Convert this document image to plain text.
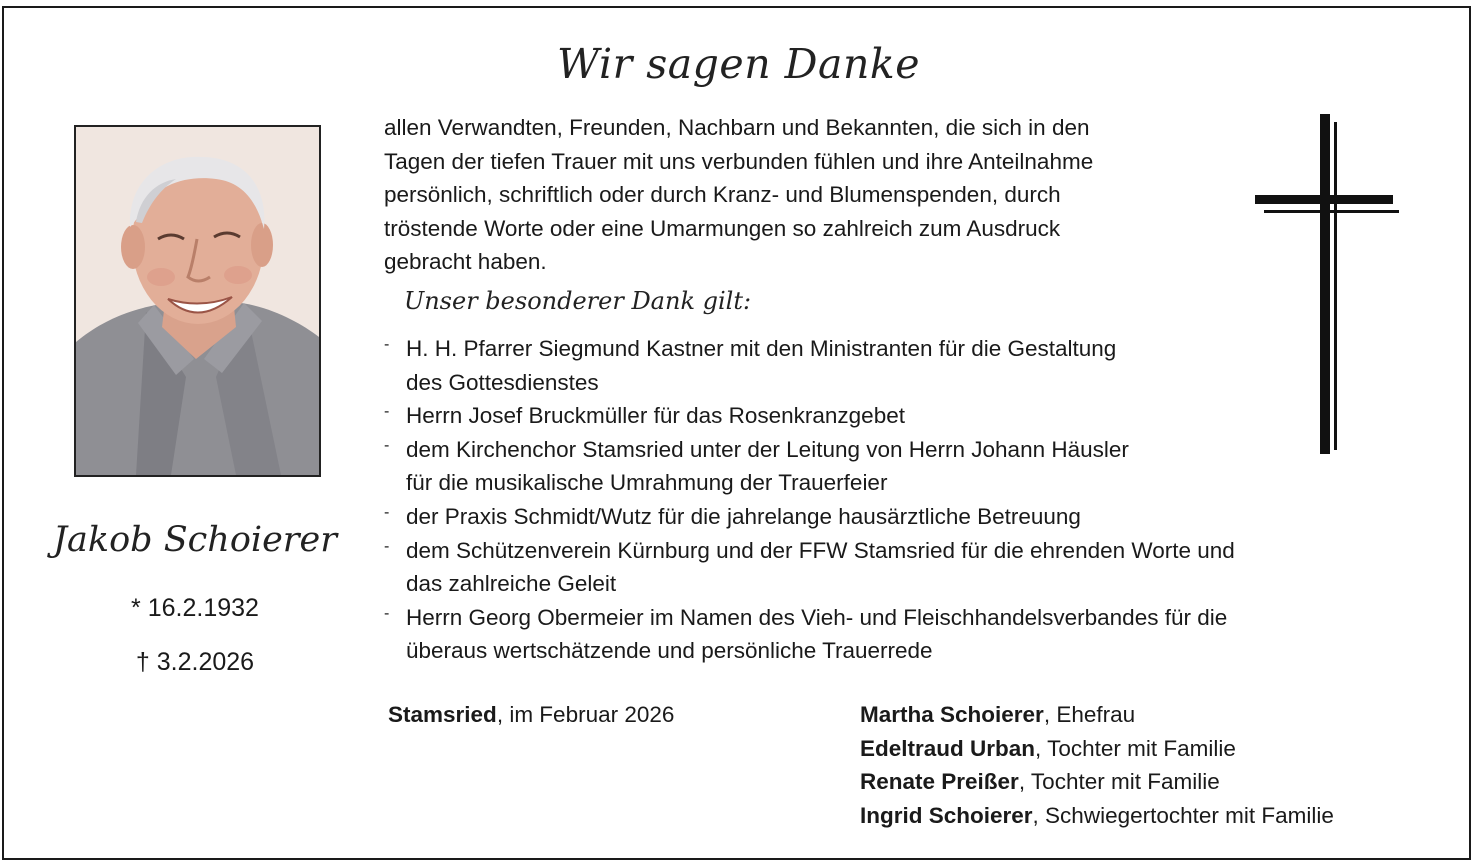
Wir sagen Danke
Jakob Schoierer
* 16.2.1932
† 3.2.2026

allen Verwandten, Freunden, Nachbarn und Bekannten, die sich in den
Tagen der tiefen Trauer mit uns verbunden fühlen und ihre Anteilnahme
persönlich, schriftlich oder durch Kranz- und Blumenspenden, durch
tröstende Worte oder eine Umarmungen so zahlreich zum Ausdruck
gebracht haben.

Unser besonderer Dank gilt:
- H. H. Pfarrer Siegmund Kastner mit den Ministranten für die Gestaltung
des Gottesdienstes
- Herrn Josef Bruckmüller für das Rosenkranzgebet
- dem Kirchenchor Stamsried unter der Leitung von Herrn Johann Häusler
für die musikalische Umrahmung der Trauerfeier
- der Praxis Schmidt/Wutz für die jahrelange hausärztliche Betreuung
- dem Schützenverein Kürnburg und der FFW Stamsried für die ehrenden Worte und
das zahlreiche Geleit
- Herrn Georg Obermeier im Namen des Vieh- und Fleischhandelsverbandes für die
überaus wertschätzende und persönliche Trauerrede
Stamsried, im Februar 2026	Martha Schoierer, Ehefrau
Edeltraud Urban, Tochter mit Familie
Renate Preißer, Tochter mit Familie
Ingrid Schoierer, Schwiegertochter mit Familie
